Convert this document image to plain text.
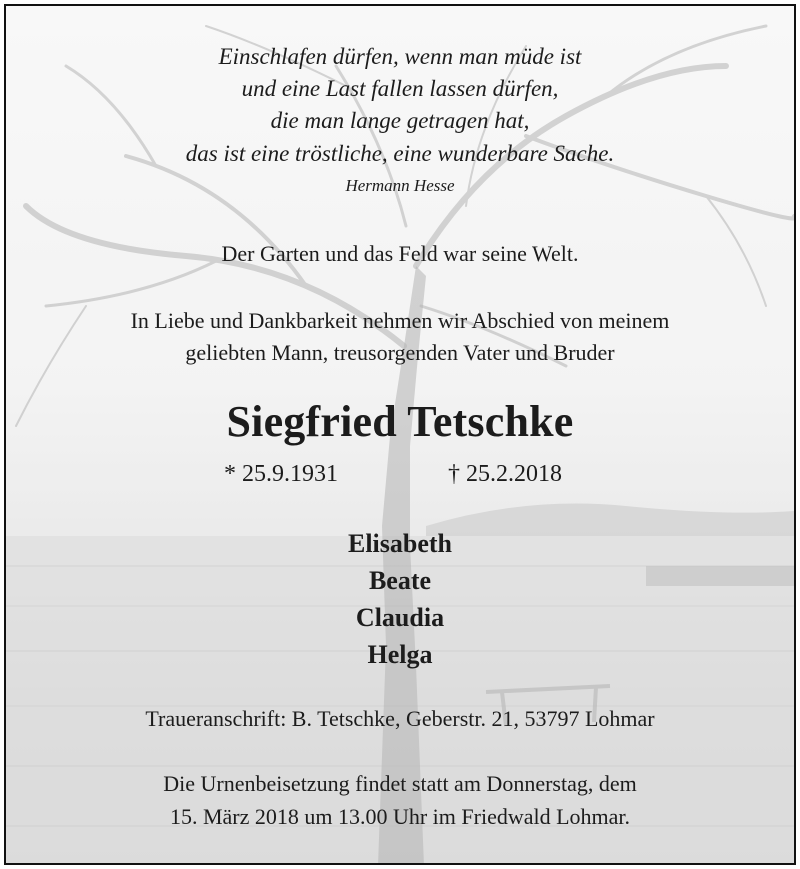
Einschlafen dürfen, wenn man müde ist
und eine Last fallen lassen dürfen,
die man lange getragen hat,
das ist eine tröstliche, eine wunderbare Sache.
Hermann Hesse
Der Garten und das Feld war seine Welt.
In Liebe und Dankbarkeit nehmen wir Abschied von meinem
geliebten Mann, treusorgenden Vater und Bruder
Siegfried Tetschke
* 25.9.1931	† 25.2.2018
Elisabeth
Beate
Claudia
Helga
Traueranschrift: B. Tetschke, Geberstr. 21, 53797 Lohmar
Die Urnenbeisetzung findet statt am Donnerstag, dem
15. März 2018 um 13.00 Uhr im Friedwald Lohmar.
